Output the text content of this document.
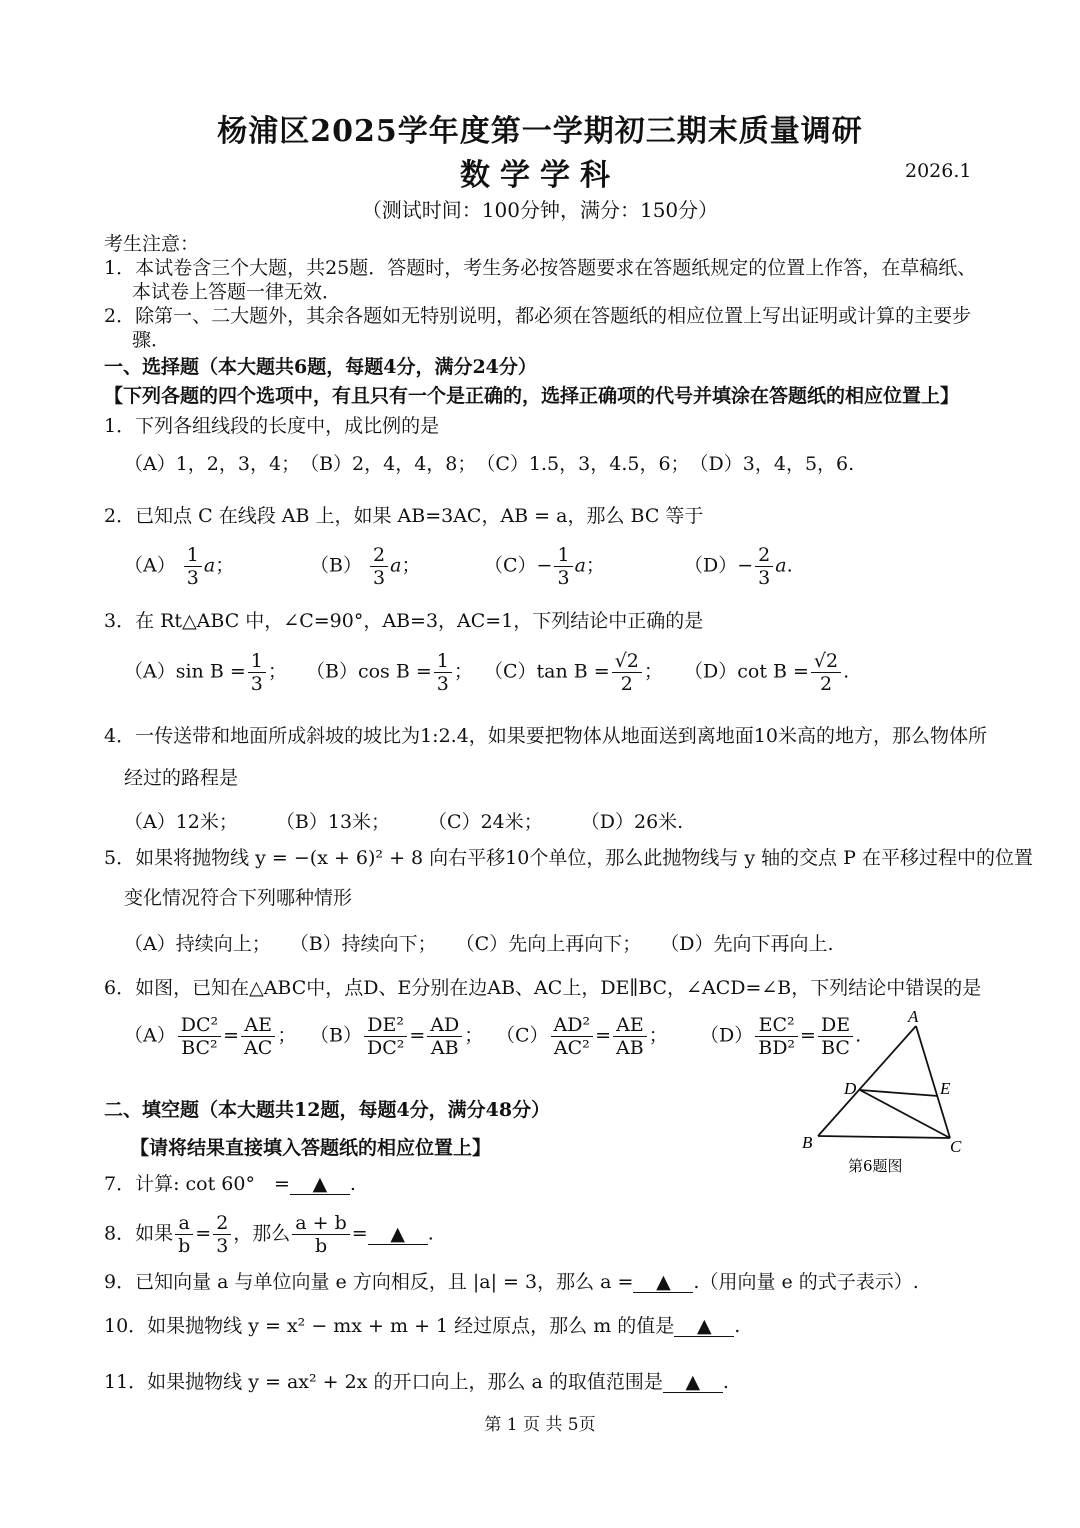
杨浦区2025学年度第一学期初三期末质量调研
数学学科	2026.1
（测试时间：100分钟，满分：150分）
考生注意：
1．本试卷含三个大题，共25题．答题时，考生务必按答题要求在答题纸规定的位置上作答，在草稿纸、
本试卷上答题一律无效．
2．除第一、二大题外，其余各题如无特别说明，都必须在答题纸的相应位置上写出证明或计算的主要步
骤．
一、选择题（本大题共6题，每题4分，满分24分）
【下列各题的四个选项中，有且只有一个是正确的，选择正确项的代号并填涂在答题纸的相应位置上】
1．下列各组线段的长度中，成比例的是
（A）1，2，3，4；　（B）2，4，4，8；　（C）1.5，3，4.5，6；　（D）3，4，5，6.
2．已知点 C 在线段 AB 上，如果 AB=3AC，AB = a，那么 BC 等于
$(A) \frac{1}{3}$ a；	$(B) \frac{2}{3}$ a；	$(C)- \frac{1}{3}$ a；	$(D)- \frac{2}{3} a$.
3．在 Rt△ABC 中，∠C=90°，AB=3，AC=1，下列结论中正确的是
（A）sin $B = \frac{1}{3}$ ； （B）cos $B = \frac{1}{3}$ ； （C）tan $B = \frac{√2}{2}$ ； （D）cot $B = \frac{√2}{2}$ .
4．一传送带和地面所成斜坡的坡比为1:2.4，如果要把物体从地面送到离地面10米高的地方，那么物体所
经过的路程是
（A）12米；　　　（B）13米；　　　（C）24米；　　　（D）26米.
5．如果将抛物线 y = −(x + 6)² + 8 向右平移10个单位，那么此抛物线与 y 轴的交点 P 在平移过程中的位置
变化情况符合下列哪种情形
（A）持续向上；　　（B）持续向下；　　（C）先向上再向下；　　（D）先向下再向上.
6．如图，已知在△ABC中，点D、E分别在边AB、AC上，DE∥BC，∠ACD=∠B，下列结论中错误的是
$(A) \frac{\text{DC²}}{\text{BC²}} = \frac{AE}{AC}$ ； $(B) \frac{\text{DE²}}{\text{DC²}} = \frac{AD}{AB}$ ； $(C) \frac{\text{AD²}}{\text{AC²}} = \frac{AE}{AB}$ ； $(D) \frac{\text{EC²}}{\text{BD²}} = \frac{DE}{BC}$ .
A
B	C
D	E
第6题图
二、填空题（本大题共12题，每题4分，满分48分）
【请将结果直接填入答题纸的相应位置上】
7．计算: cot 60°　= ▲ .
8．如果 $\frac{a}{b} = \frac{2}{3}$ ，那么 $\frac{a + b}{b}$ = ▲ .
9．已知向量 a 与单位向量 e 方向相反，且 |a| = 3，那么 a = ▲ .（用向量 e 的式子表示）.
10．如果抛物线 y = x² − mx + m + 1 经过原点，那么 m 的值是 ▲ .
11．如果抛物线 y = ax² + 2x 的开口向上，那么 a 的取值范围是 ▲ .
第 1 页 共 5页
